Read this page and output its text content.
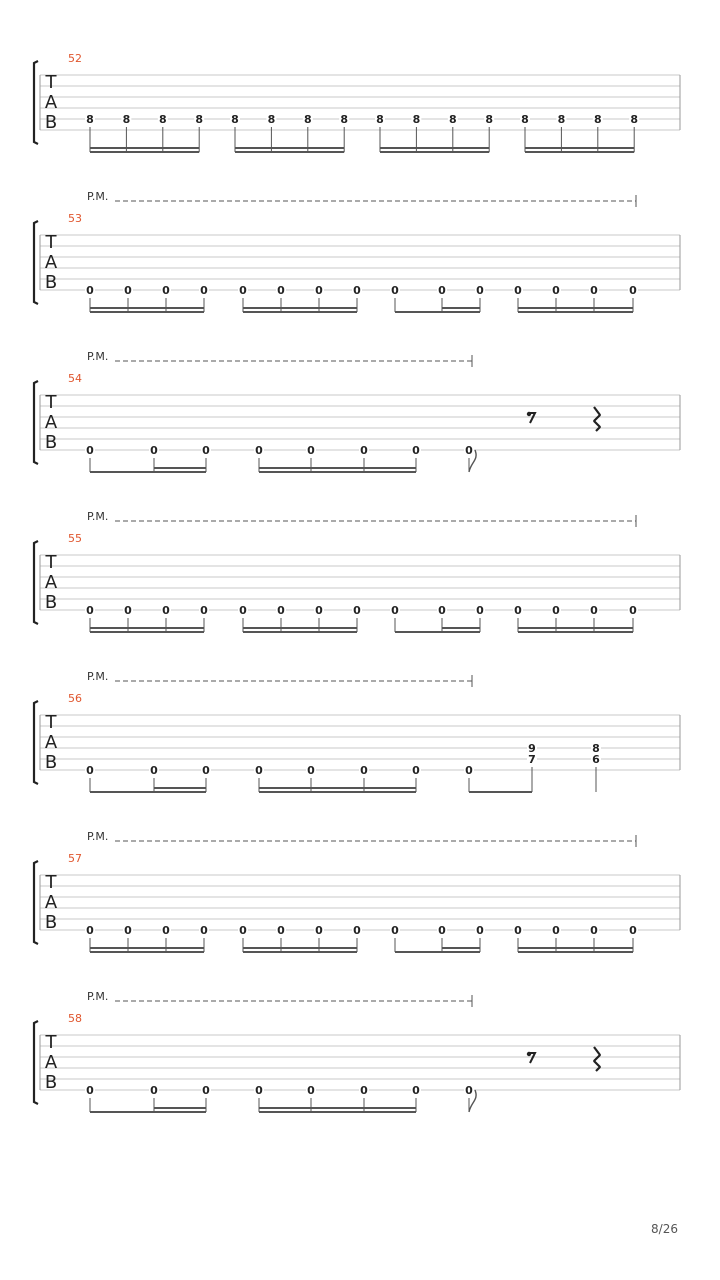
T
A
B
52
8	8	8	8	8	8	8	8	8	8	8	8	8	8	8	8
T
A
B
53
P.M.
0	0	0	0	0	0	0	0	0	0	0	0	0	0	0
T
A
B
54
P.M.
0	0	0	0	0	0	0	0
T
A
B
55
P.M.
0	0	0	0	0	0	0	0	0	0	0	0	0	0	0
T
A
B
56
P.M.
0	0	0	0	0	0	0	0
9
7
8
6
T
A
B
57
P.M.
0	0	0	0	0	0	0	0	0	0	0	0	0	0	0
T
A
B
58
P.M.
0	0	0	0	0	0	0	0
8/26
